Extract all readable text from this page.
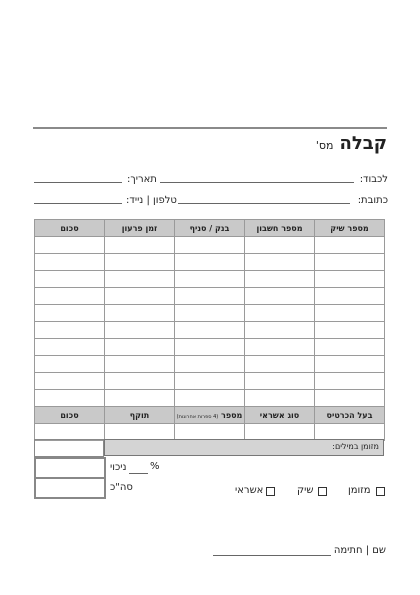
קבלהמס'
לכבוד:
תאריך:
כתובת:
טלפון | נייד:
מספר שיק	מספר חשבון	בנק / סניף	זמן פרעון	סכום

בעל הכרטיס	סוג אשראי	מספר (4 ספרות אחרונות)	תוקף	סכום

מזומן במילים:
ניכוי %
סה"כ	מזומן
שיק
אשראי
שם | חתימה
